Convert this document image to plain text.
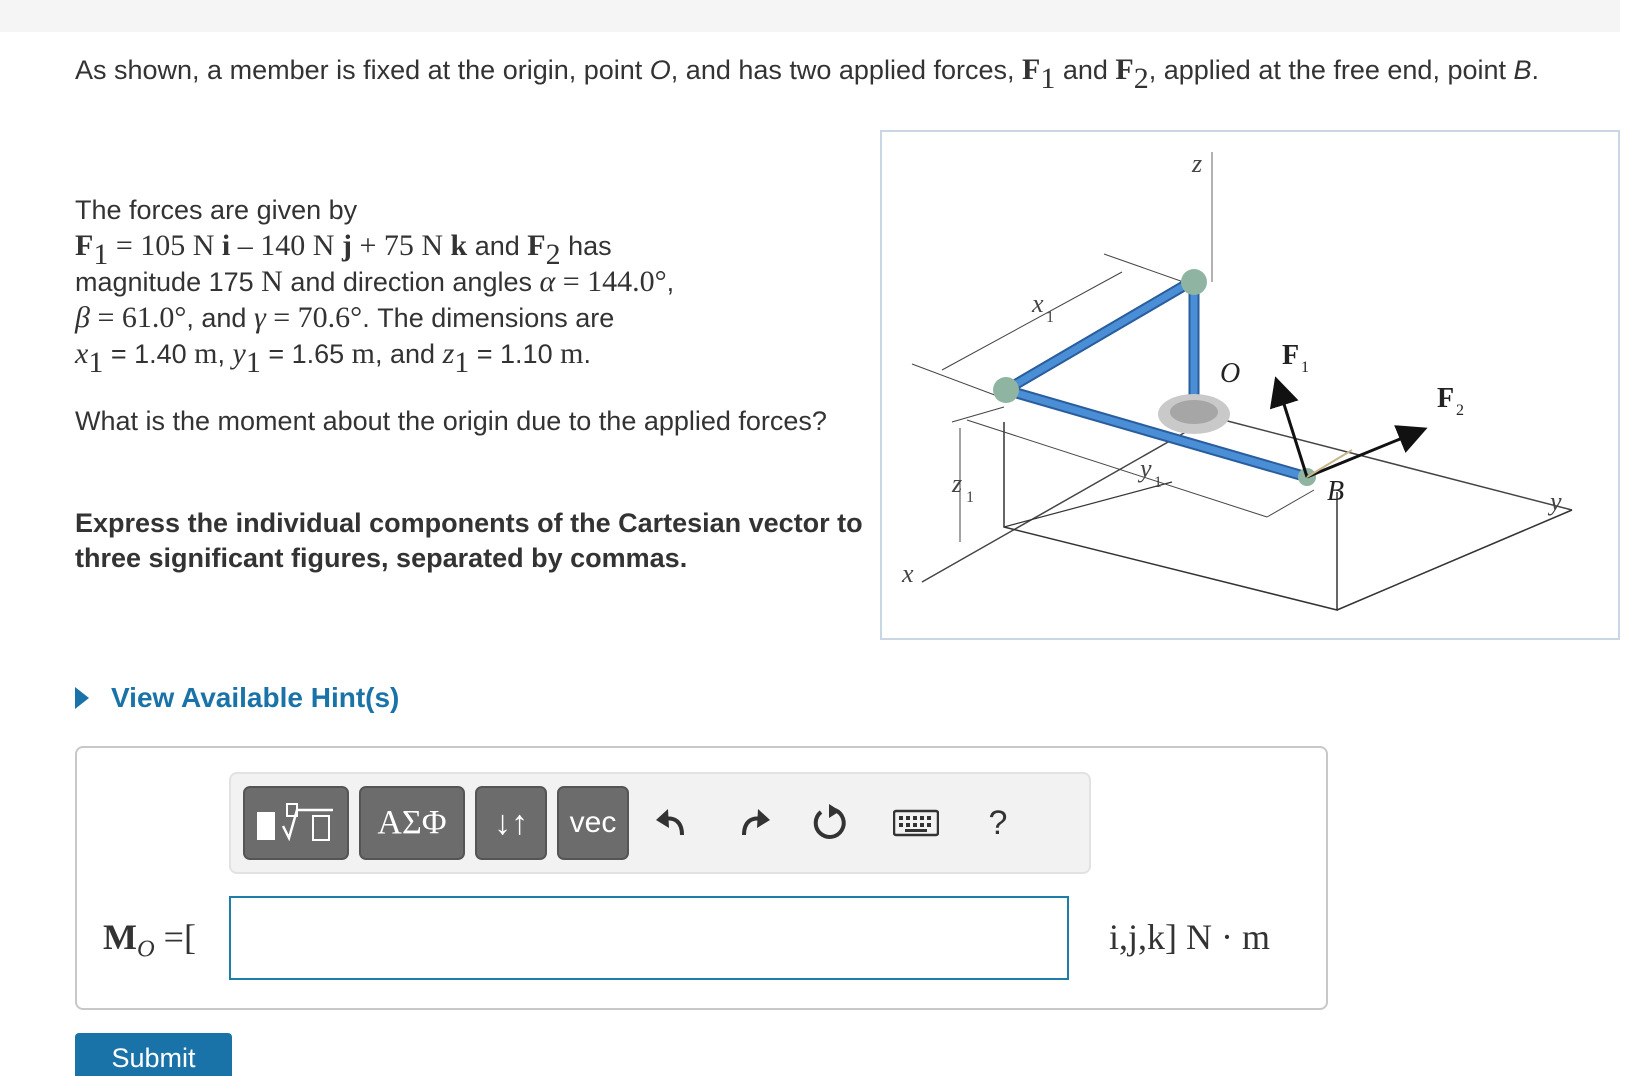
As shown, a member is fixed at the origin, point O, and has two applied forces, $F_1$ and $F_2$, applied at the free end, point B.
The forces are given by
$F_1 = 105$ N i – 140 N j + 75 N k and $F_2$ has
magnitude 175 N and direction angles α = 144.0°,
β = 61.0°, and γ = 70.6°. The dimensions are
$x_1 = 1.40$ m, $y_1 = 1.65$ m, and $z_1 = 1.10$ m.
What is the moment about the origin due to the applied forces?
Express the individual components of the Cartesian vector to three significant figures, separated by commas.
z
x
y
x 1
y 1
z 1
O
B
F 1
F 2
View Available Hint(s)
ΑΣΦ	↓↑	vec	?
$M_O$ =[	i,j,k] N · m
Submit
